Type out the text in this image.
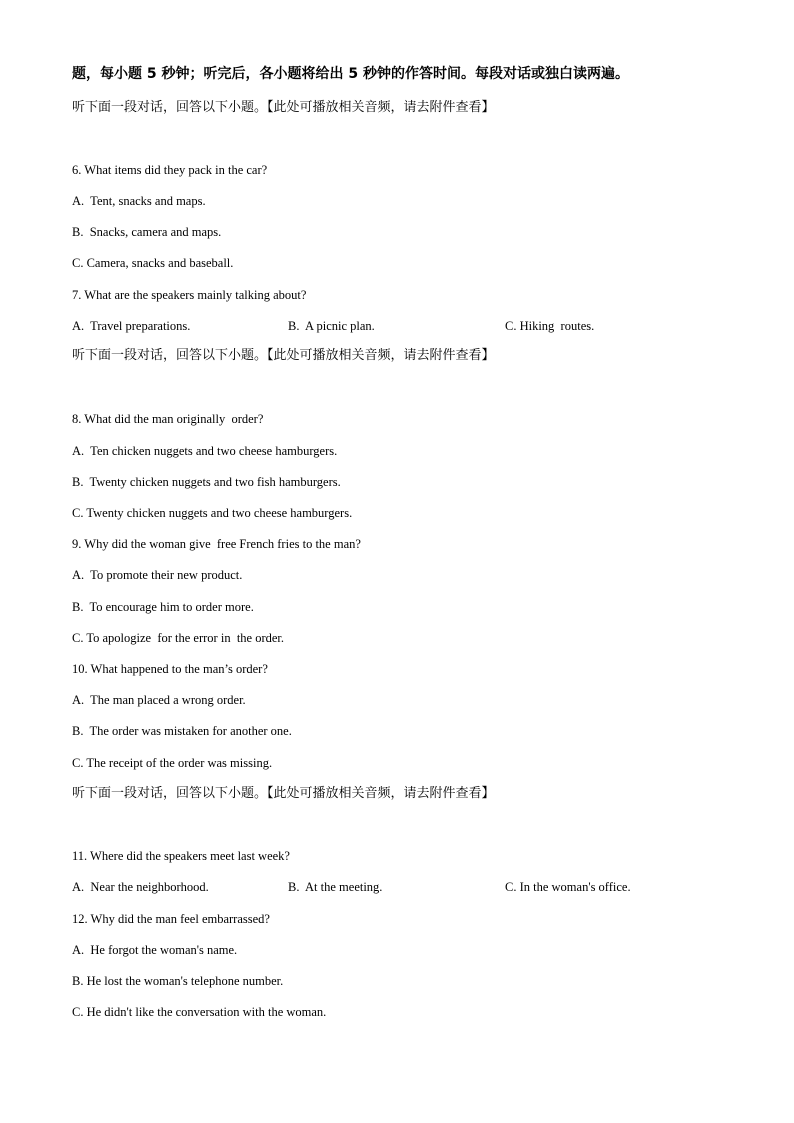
题，每小题 5 秒钟；听完后，各小题将给出 5 秒钟的作答时间。每段对话或独白读两遍。
听下面一段对话，回答以下小题。【此处可播放相关音频，请去附件查看】
6. What items did they pack in the car?
A.  Tent, snacks and maps.
B.  Snacks, camera and maps.
C. Camera, snacks and baseball.
7. What are the speakers mainly talking about?
A.  Travel preparations.	B.  A picnic plan.	C. Hiking  routes.
听下面一段对话，回答以下小题。【此处可播放相关音频，请去附件查看】
8. What did the man originally  order?
A.  Ten chicken nuggets and two cheese hamburgers.
B.  Twenty chicken nuggets and two fish hamburgers.
C. Twenty chicken nuggets and two cheese hamburgers.
9. Why did the woman give  free French fries to the man?
A.  To promote their new product.
B.  To encourage him to order more.
C. To apologize  for the error in  the order.
10. What happened to the man’s order?
A.  The man placed a wrong order.
B.  The order was mistaken for another one.
C. The receipt of the order was missing.
听下面一段对话，回答以下小题。【此处可播放相关音频，请去附件查看】
11. Where did the speakers meet last week?
A.  Near the neighborhood.	B.  At the meeting.	C. In the woman's office.
12. Why did the man feel embarrassed?
A.  He forgot the woman's name.
B. He lost the woman's telephone number.
C. He didn't like the conversation with the woman.
